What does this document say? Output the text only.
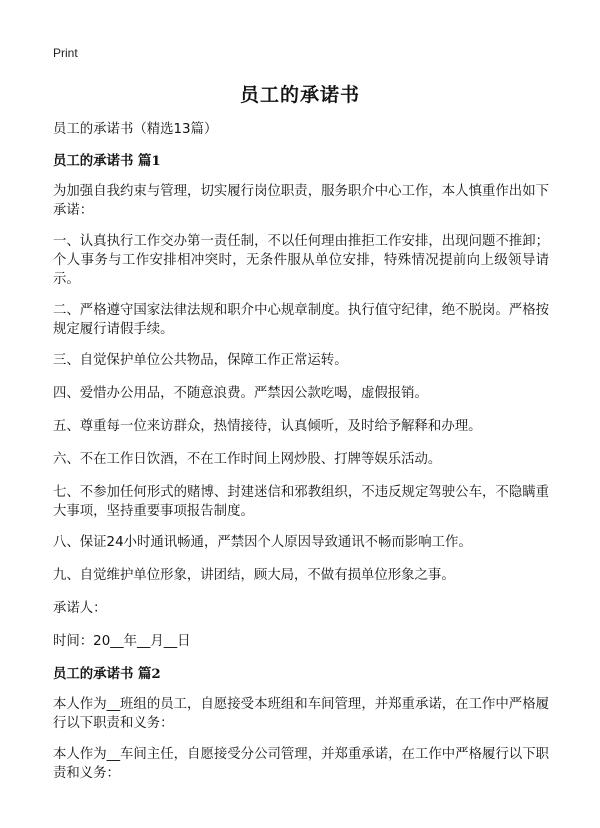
Print
员工的承诺书

员工的承诺书（精选13篇）

员工的承诺书 篇1

为加强自我约束与管理，切实履行岗位职责，服务职介中心工作，本人慎重作出如下承诺：

一、认真执行工作交办第一责任制，不以任何理由推拒工作安排，出现问题不推卸；个人事务与工作安排相冲突时，无条件服从单位安排，特殊情况提前向上级领导请示。

二、严格遵守国家法律法规和职介中心规章制度。执行值守纪律，绝不脱岗。严格按规定履行请假手续。

三、自觉保护单位公共物品，保障工作正常运转。

四、爱惜办公用品，不随意浪费。严禁因公款吃喝，虚假报销。

五、尊重每一位来访群众，热情接待，认真倾听，及时给予解释和办理。

六、不在工作日饮酒，不在工作时间上网炒股、打牌等娱乐活动。

七、不参加任何形式的赌博、封建迷信和邪教组织，不违反规定驾驶公车，不隐瞒重大事项，坚持重要事项报告制度。

八、保证24小时通讯畅通，严禁因个人原因导致通讯不畅而影响工作。

九、自觉维护单位形象，讲团结，顾大局，不做有损单位形象之事。

承诺人：

时间：20__年__月__日

员工的承诺书 篇2

本人作为__班组的员工，自愿接受本班组和车间管理，并郑重承诺，在工作中严格履行以下职责和义务：

本人作为__车间主任，自愿接受分公司管理，并郑重承诺，在工作中严格履行以下职责和义务：
